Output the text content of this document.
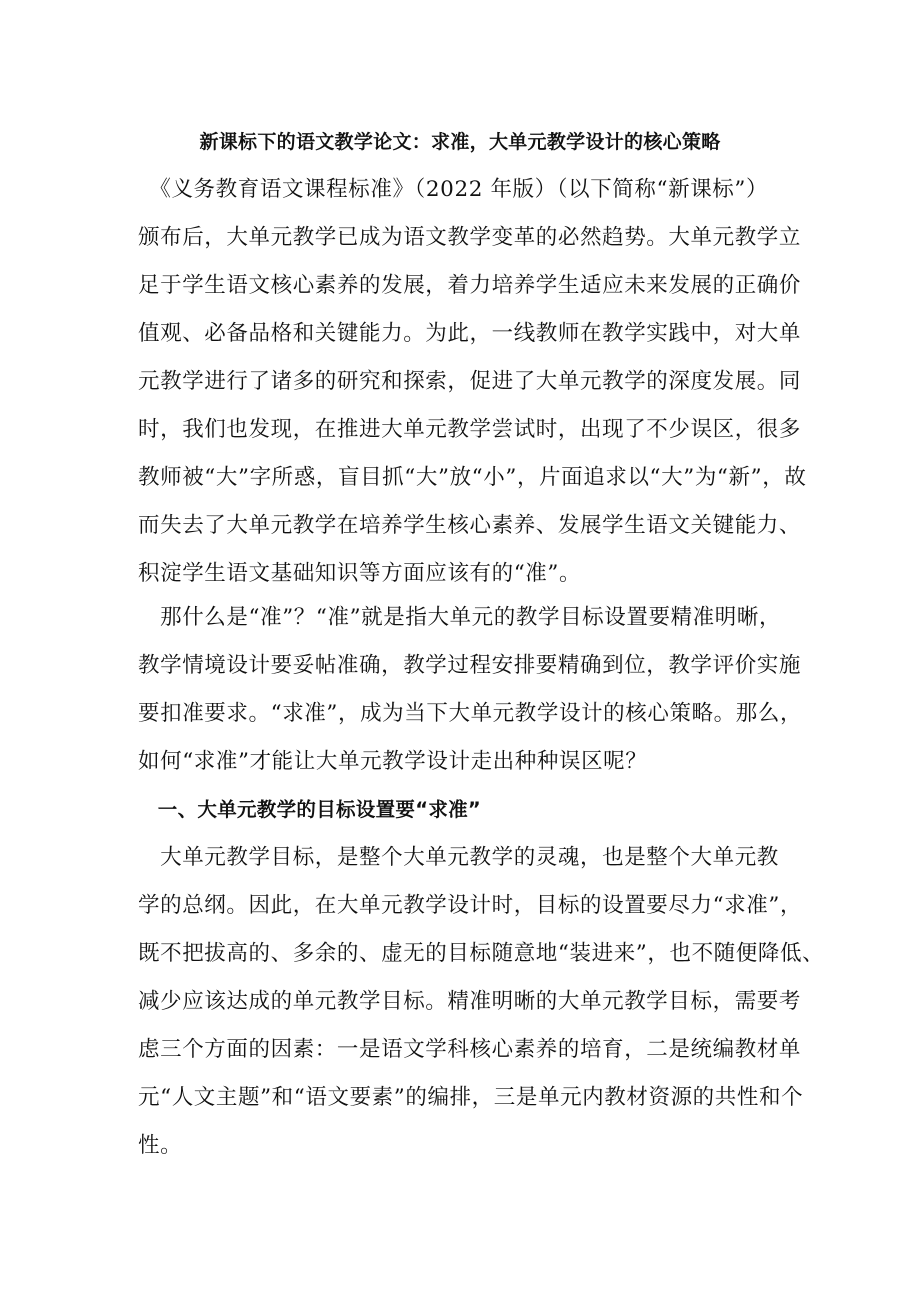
新课标下的语文教学论文：求准，大单元教学设计的核心策略
　《义务教育语文课程标准》（2022 年版）（以下简称“新课标”）
颁布后，大单元教学已成为语文教学变革的必然趋势。大单元教学立
足于学生语文核心素养的发展，着力培养学生适应未来发展的正确价
值观、必备品格和关键能力。为此，一线教师在教学实践中，对大单
元教学进行了诸多的研究和探索，促进了大单元教学的深度发展。同
时，我们也发现，在推进大单元教学尝试时，出现了不少误区，很多
教师被“大”字所惑，盲目抓“大”放“小”，片面追求以“大”为“新”，故
而失去了大单元教学在培养学生核心素养、发展学生语文关键能力、
积淀学生语文基础知识等方面应该有的“准”。
　那什么是“准”？“准”就是指大单元的教学目标设置要精准明晰，
教学情境设计要妥帖准确，教学过程安排要精确到位，教学评价实施
要扣准要求。“求准”，成为当下大单元教学设计的核心策略。那么，
如何“求准”才能让大单元教学设计走出种种误区呢？
　一、大单元教学的目标设置要“求准”
　大单元教学目标，是整个大单元教学的灵魂，也是整个大单元教
学的总纲。因此，在大单元教学设计时，目标的设置要尽力“求准”，
既不把拔高的、多余的、虚无的目标随意地“装进来”，也不随便降低、
减少应该达成的单元教学目标。精准明晰的大单元教学目标，需要考
虑三个方面的因素：一是语文学科核心素养的培育，二是统编教材单
元“人文主题”和“语文要素”的编排，三是单元内教材资源的共性和个
性。
